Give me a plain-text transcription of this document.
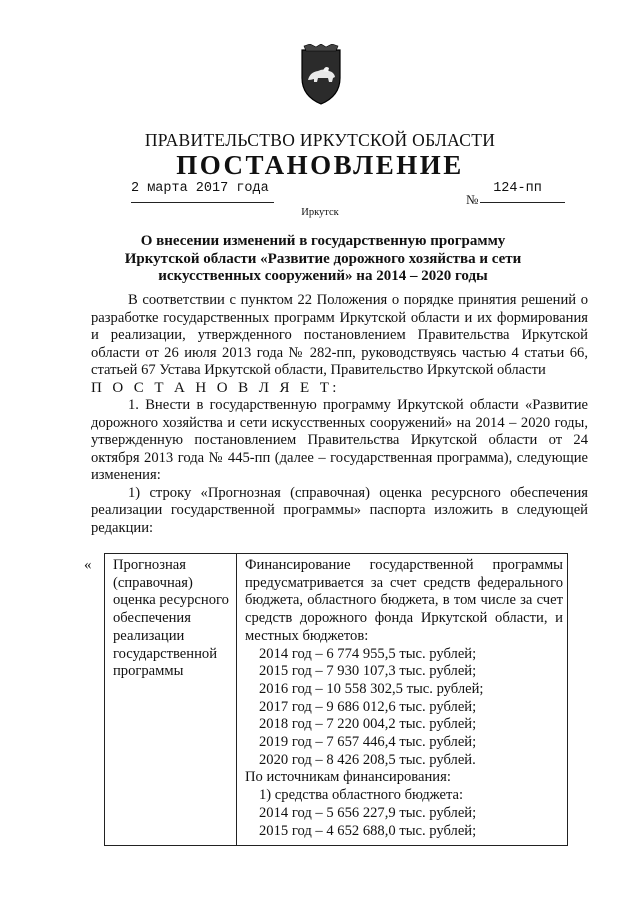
ПРАВИТЕЛЬСТВО ИРКУТСКОЙ ОБЛАСТИ
ПОСТАНОВЛЕНИЕ
2 марта 2017 года
№
124-пп
Иркутск
О внесении изменений в государственную программу Иркутской области «Развитие дорожного хозяйства и сети искусственных сооружений» на 2014 – 2020 годы

В соответствии с пунктом 22 Положения о порядке принятия решений о разработке государственных программ Иркутской области и их формирования и реализации, утвержденного постановлением Правительства Иркутской области от 26 июля 2013 года № 282-пп, руководствуясь частью 4 статьи 66, статьей 67 Устава Иркутской области, Правительство Иркутской области

П О С Т А Н О В Л Я Е Т:

1. Внести в государственную программу Иркутской области «Развитие дорожного хозяйства и сети искусственных сооружений» на 2014 – 2020 годы, утвержденную постановлением Правительства Иркутской области от 24 октября 2013 года № 445-пп (далее – государственная программа), следующие изменения:

1) строку «Прогнозная (справочная) оценка ресурсного обеспечения реализации государственной программы» паспорта изложить в следующей редакции:

« Прогнозная
(справочная)
оценка ресурсного
обеспечения
реализации
государственной
программы
Финансирование государственной программы предусматривается за счет средств федерального бюджета, областного бюджета, в том числе за счет средств дорожного фонда Иркутской области, и местных бюджетов:
2014 год – 6 774 955,5 тыс. рублей;
2015 год – 7 930 107,3 тыс. рублей;
2016 год – 10 558 302,5 тыс. рублей;
2017 год – 9 686 012,6 тыс. рублей;
2018 год – 7 220 004,2 тыс. рублей;
2019 год – 7 657 446,4 тыс. рублей;
2020 год – 8 426 208,5 тыс. рублей.
По источникам финансирования:
1) средства областного бюджета:
2014 год – 5 656 227,9 тыс. рублей;
2015 год – 4 652 688,0 тыс. рублей;
